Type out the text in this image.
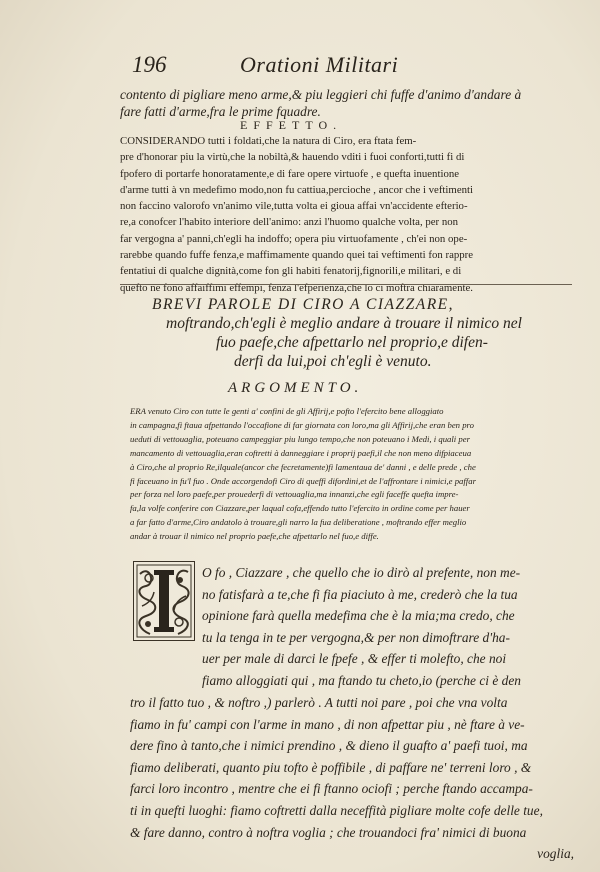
196	Orationi Militari
contento di pigliare meno arme,& piu leggieri chi fuffe d'animo d'andare à
fare fatti d'arme,fra le prime fquadre.
EFFETTO.
CONSIDERANDO tutti i foldati,che la natura di Ciro, era ftata fem-
pre d'honorar piu la virtù,che la nobiltà,& hauendo vditi i fuoi conforti,tutti fi di
fpofero di portarfe honoratamente,e di fare opere virtuofe , e quefta inuentione
d'arme tutti à vn medefimo modo,non fu cattiua,percioche , ancor che i veftimenti
non faccino valorofo vn'animo vile,tutta volta ei gioua affai vn'accidente efterio-
re,a conofcer l'habito interiore dell'animo: anzi l'huomo qualche volta, per non
far vergogna a' panni,ch'egli ha indoffo; opera piu virtuofamente , ch'ei non ope-
rarebbe quando fuffe fenza,e maffimamente quando quei tai veftimenti fon rappre
fentatiui di qualche dignità,come fon gli habiti fenatorij,fignorili,e militari, e di
quefto ne fono affaiffimi effempi, fenza l'efperienza,che lo ci moftra chiaramente.
BREVI PAROLE DI CIRO A CIAZZARE,
moftrando,ch'egli è meglio andare à trouare il nimico nel
fuo paefe,che afpettarlo nel proprio,e difen-
derfi da lui,poi ch'egli è venuto.
ARGOMENTO.
ERA venuto Ciro con tutte le genti a' confini de gli Affirij,e pofto l'efercito bene alloggiato
in campagna,fi ftaua afpettando l'occafione di far giornata con loro,ma gli Affirij,che eran ben pro
ueduti di vettouaglia, poteuano campeggiar piu lungo tempo,che non poteuano i Medi, i quali per
mancamento di vettouaglia,eran coftretti à danneggiare i proprij paefi,il che non meno difpiaceua
à Ciro,che al proprio Re,ilquale(ancor che fecretamente)fi lamentaua de' danni , e delle prede , che
fi faceuano in fu'l fuo . Onde accorgendofi Ciro di queffi difordini,et de l'affrontare i nimici,e paffar
per forza nel loro paefe,per prouederfi di vettouaglia,ma innanzi,che egli faceffe quefta impre-
fa,la volfe conferire con Ciazzare,per laqual cofa,effendo tutto l'efercito in ordine come per hauer
a far fatto d'arme,Ciro andatolo à trouare,gli narro la fua deliberatione , moftrando effer meglio
andar à trouar il nimico nel proprio paefe,che afpettarlo nel fuo,e diffe.
O fo , Ciazzare , che quello che io dirò al prefente, non me-
no fatisfarà a te,che fi fia piaciuto à me, crederò che la tua
opinione farà quella medefima che è la mia;ma credo, che
tu la tenga in te per vergogna,& per non dimoftrare d'ha-
uer per male di darci le fpefe , & effer ti molefto, che noi
fiamo alloggiati qui , ma ftando tu cheto,io (perche ci è den
tro il fatto tuo , & noftro ,) parlerò . A tutti noi pare , poi che vna volta
fiamo in fu' campi con l'arme in mano , di non afpettar piu , nè ftare à ve-
dere fino à tanto,che i nimici prendino , & dieno il guafto a' paefi tuoi, ma
fiamo deliberati, quanto piu tofto è poffibile , di paffare ne' terreni loro , &
farci loro incontro , mentre che ei fi ftanno ociofi ; perche ftando accampa-
ti in quefti luoghi: fiamo coftretti dalla neceffità pigliare molte cofe delle tue,
& fare danno, contro à noftra voglia ; che trouandoci fra' nimici di buona
voglia,
